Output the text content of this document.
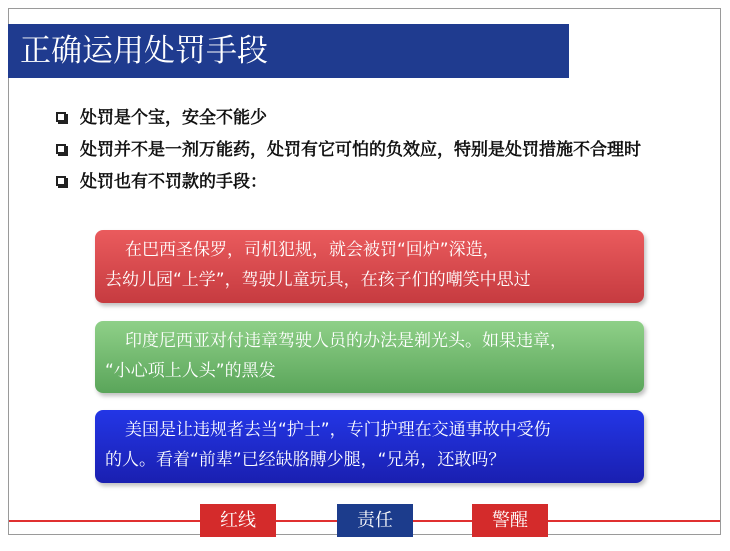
正确运用处罚手段
处罚是个宝，安全不能少
处罚并不是一剂万能药，处罚有它可怕的负效应，特别是处罚措施不合理时
处罚也有不罚款的手段：
在巴西圣保罗，司机犯规，就会被罚“回炉”深造，
去幼儿园“上学”，驾驶儿童玩具，在孩子们的嘲笑中思过
印度尼西亚对付违章驾驶人员的办法是剃光头。如果违章，
“小心项上人头”的黑发
美国是让违规者去当“护士”，专门护理在交通事故中受伤
的人。看着“前辈”已经缺胳膊少腿，“兄弟，还敢吗？
红线	责任	警醒
